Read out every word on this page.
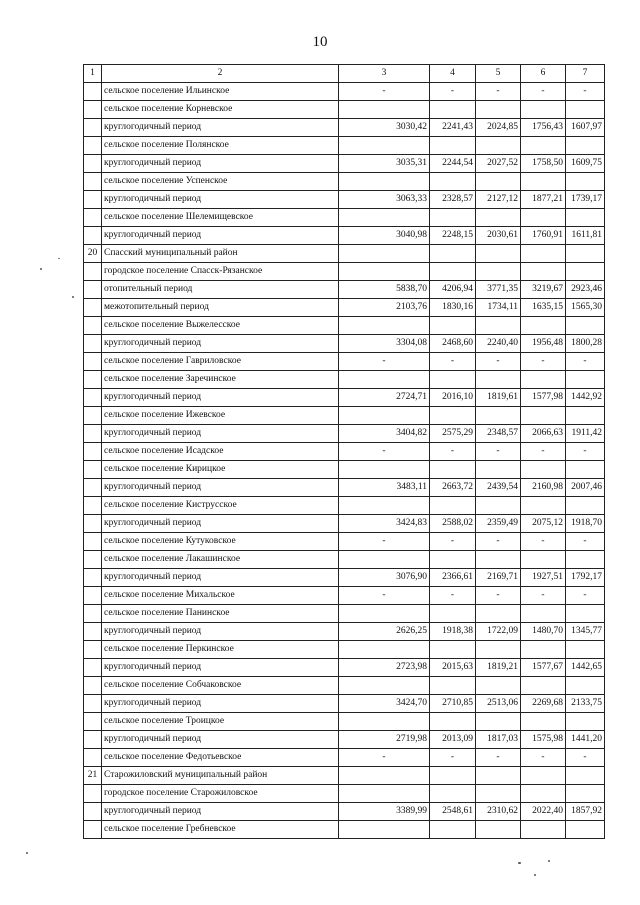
10
1	2	3	4	5	6	7
	сельское поселение Ильинское	-	-	-	-	-
	сельское поселение Корневское					
	круглогодичный период	3030,42	2241,43	2024,85	1756,43	1607,97
	сельское поселение Полянское					
	круглогодичный период	3035,31	2244,54	2027,52	1758,50	1609,75
	сельское поселение Успенское					
	круглогодичный период	3063,33	2328,57	2127,12	1877,21	1739,17
	сельское поселение Шелемищевское					
	круглогодичный период	3040,98	2248,15	2030,61	1760,91	1611,81
20	Спасский муниципальный район					
	городское поселение Спасск-Рязанское					
	отопительный период	5838,70	4206,94	3771,35	3219,67	2923,46
	межотопительный период	2103,76	1830,16	1734,11	1635,15	1565,30
	сельское поселение Выжелесское					
	круглогодичный период	3304,08	2468,60	2240,40	1956,48	1800,28
	сельское поселение Гавриловское	-	-	-	-	-
	сельское поселение Заречинское					
	круглогодичный период	2724,71	2016,10	1819,61	1577,98	1442,92
	сельское поселение Ижевское					
	круглогодичный период	3404,82	2575,29	2348,57	2066,63	1911,42
	сельское поселение Исадское	-	-	-	-	-
	сельское поселение Кирицкое					
	круглогодичный период	3483,11	2663,72	2439,54	2160,98	2007,46
	сельское поселение Киструсское					
	круглогодичный период	3424,83	2588,02	2359,49	2075,12	1918,70
	сельское поселение Кутуковское	-	-	-	-	-
	сельское поселение Лакашинское					
	круглогодичный период	3076,90	2366,61	2169,71	1927,51	1792,17
	сельское поселение Михальское	-	-	-	-	-
	сельское поселение Панинское					
	круглогодичный период	2626,25	1918,38	1722,09	1480,70	1345,77
	сельское поселение Перкинское					
	круглогодичный период	2723,98	2015,63	1819,21	1577,67	1442,65
	сельское поселение Собчаковское					
	круглогодичный период	3424,70	2710,85	2513,06	2269,68	2133,75
	сельское поселение Троицкое					
	круглогодичный период	2719,98	2013,09	1817,03	1575,98	1441,20
	сельское поселение Федотьевское	-	-	-	-	-
21	Старожиловский муниципальный район					
	городское поселение Старожиловское					
	круглогодичный период	3389,99	2548,61	2310,62	2022,40	1857,92
	сельское поселение Гребневское					
